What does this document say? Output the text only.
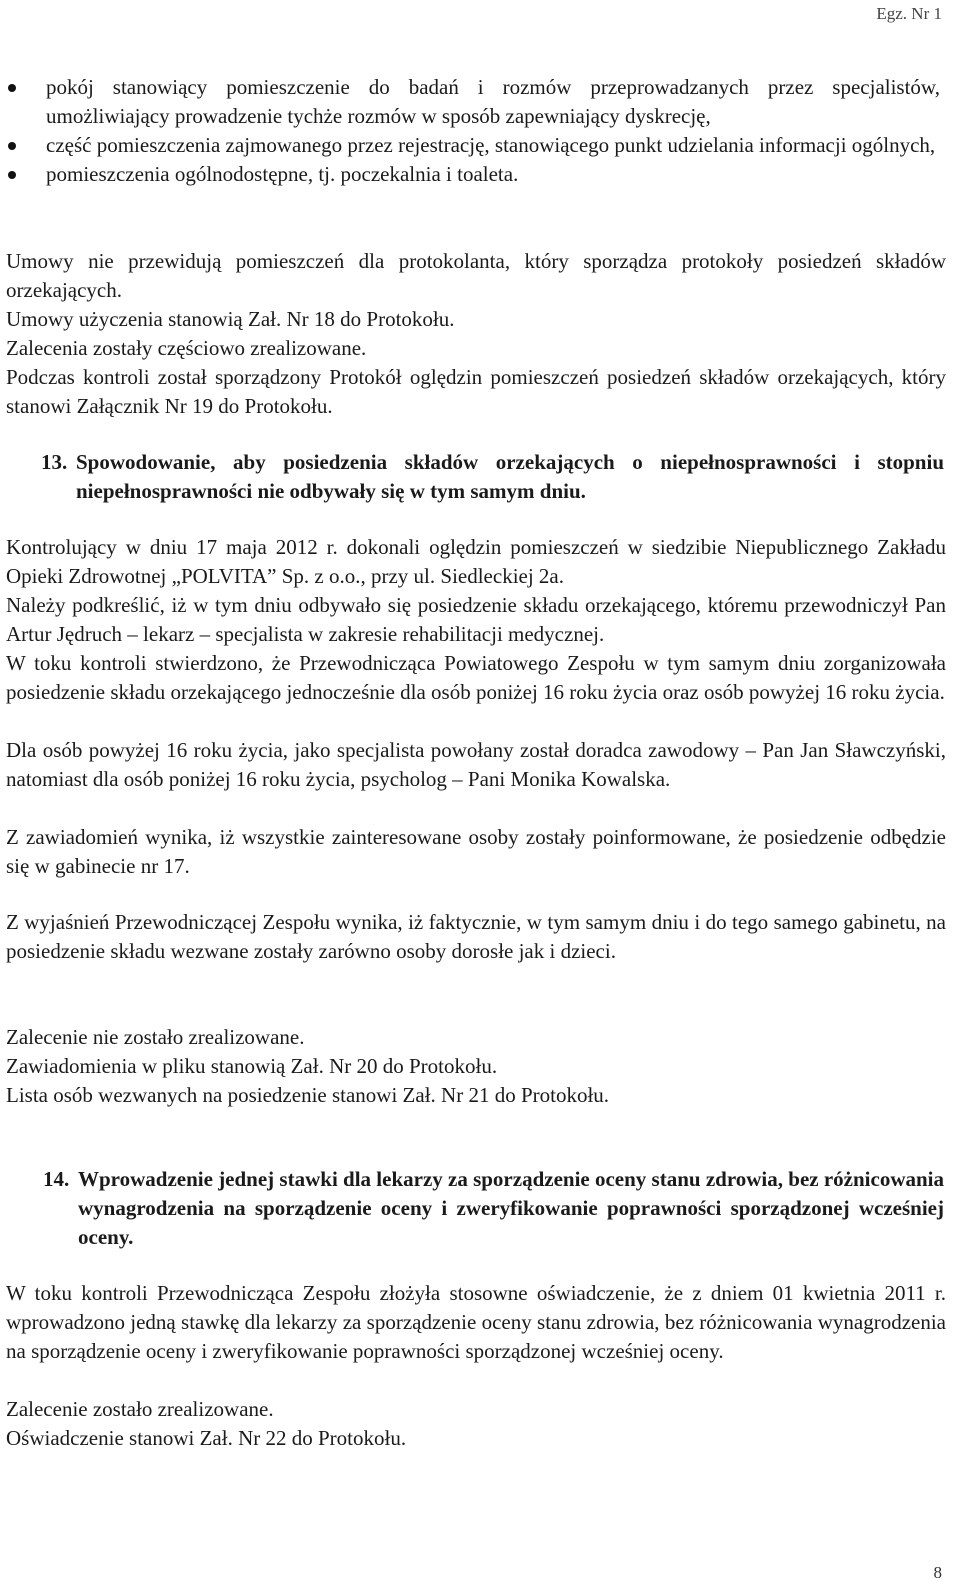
Egz. Nr 1
pokój stanowiący pomieszczenie do badań i rozmów przeprowadzanych przez specjalistów, umożliwiający prowadzenie tychże rozmów w sposób zapewniający dyskrecję,
część pomieszczenia zajmowanego przez rejestrację, stanowiącego punkt udzielania informacji ogólnych,
pomieszczenia ogólnodostępne, tj. poczekalnia i toaleta.

Umowy nie przewidują pomieszczeń dla protokolanta, który sporządza protokoły posiedzeń składów orzekających.

Umowy użyczenia stanowią Zał. Nr 18 do Protokołu.

Zalecenia zostały częściowo zrealizowane.

Podczas kontroli został sporządzony Protokół oględzin pomieszczeń posiedzeń składów orzekających, który stanowi Załącznik Nr 19 do Protokołu.

13. Spowodowanie, aby posiedzenia składów orzekających o niepełnosprawności i stopniu niepełnosprawności nie odbywały się w tym samym dniu.

Kontrolujący w dniu 17 maja 2012 r. dokonali oględzin pomieszczeń w siedzibie Niepublicznego Zakładu Opieki Zdrowotnej „POLVITA” Sp. z o.o., przy ul. Siedleckiej 2a.

Należy podkreślić, iż w tym dniu odbywało się posiedzenie składu orzekającego, któremu przewodniczył Pan Artur Jędruch – lekarz – specjalista w zakresie rehabilitacji medycznej.

W toku kontroli stwierdzono, że Przewodnicząca Powiatowego Zespołu w tym samym dniu zorganizowała posiedzenie składu orzekającego jednocześnie dla osób poniżej 16 roku życia oraz osób powyżej 16 roku życia.

Dla osób powyżej 16 roku życia, jako specjalista powołany został doradca zawodowy – Pan Jan Sławczyński, natomiast dla osób poniżej 16 roku życia, psycholog – Pani Monika Kowalska.

Z zawiadomień wynika, iż wszystkie zainteresowane osoby zostały poinformowane, że posiedzenie odbędzie się w gabinecie nr 17.

Z wyjaśnień Przewodniczącej Zespołu wynika, iż faktycznie, w tym samym dniu i do tego samego gabinetu, na posiedzenie składu wezwane zostały zarówno osoby dorosłe jak i dzieci.

Zalecenie nie zostało zrealizowane.

Zawiadomienia w pliku stanowią Zał. Nr 20 do Protokołu.

Lista osób wezwanych na posiedzenie stanowi Zał. Nr 21 do Protokołu.

14. Wprowadzenie jednej stawki dla lekarzy za sporządzenie oceny stanu zdrowia, bez różnicowania wynagrodzenia na sporządzenie oceny i zweryfikowanie poprawności sporządzonej wcześniej oceny.

W toku kontroli Przewodnicząca Zespołu złożyła stosowne oświadczenie, że z dniem 01 kwietnia 2011 r. wprowadzono jedną stawkę dla lekarzy za sporządzenie oceny stanu zdrowia, bez różnicowania wynagrodzenia na sporządzenie oceny i zweryfikowanie poprawności sporządzonej wcześniej oceny.

Zalecenie zostało zrealizowane.

Oświadczenie stanowi Zał. Nr 22 do Protokołu.

8
